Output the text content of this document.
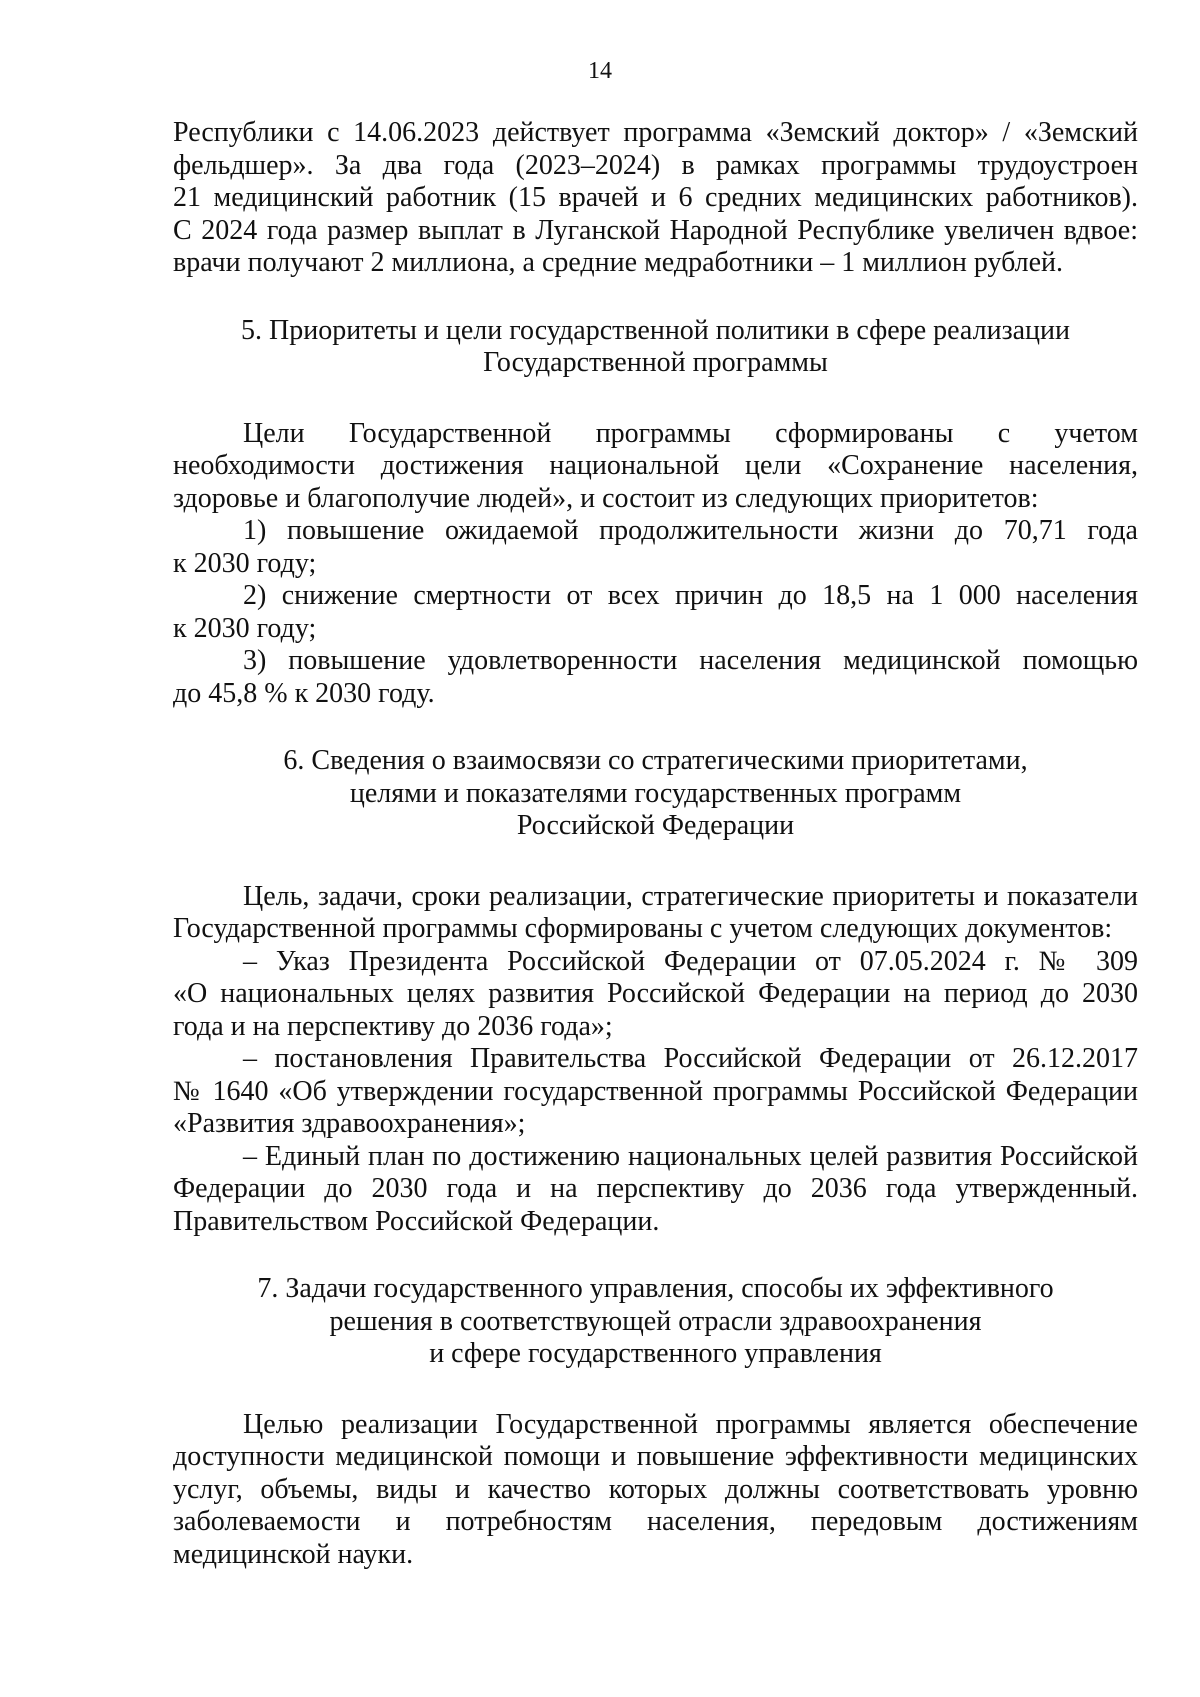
14

Республики с 14.06.2023 действует программа «Земский доктор» / «Земский
фельдшер». За два года (2023–2024) в рамках программы трудоустроен
21 медицинский работник (15 врачей и 6 средних медицинских работников).
С 2024 года размер выплат в Луганской Народной Республике увеличен вдвое:
врачи получают 2 миллиона, а средние медработники – 1 миллион рублей.

5. Приоритеты и цели государственной политики в сфере реализации
Государственной программы

Цели Государственной программы сформированы с учетом
необходимости достижения национальной цели «Сохранение населения,
здоровье и благополучие людей», и состоит из следующих приоритетов:

1) повышение ожидаемой продолжительности жизни до 70,71 года
к 2030 году;

2) снижение смертности от всех причин до 18,5 на 1 000 населения
к 2030 году;

3) повышение удовлетворенности населения медицинской помощью
до 45,8 % к 2030 году.

6. Сведения о взаимосвязи со стратегическими приоритетами,
целями и показателями государственных программ
Российской Федерации

Цель, задачи, сроки реализации, стратегические приоритеты и показатели
Государственной программы сформированы с учетом следующих документов:

– Указ Президента Российской Федерации от 07.05.2024 г. № 309
«О национальных целях развития Российской Федерации на период до 2030
года и на перспективу до 2036 года»;

– постановления Правительства Российской Федерации от 26.12.2017
№ 1640 «Об утверждении государственной программы Российской Федерации
«Развития здравоохранения»;

– Единый план по достижению национальных целей развития Российской
Федерации до 2030 года и на перспективу до 2036 года утвержденный.
Правительством Российской Федерации.

7. Задачи государственного управления, способы их эффективного
решения в соответствующей отрасли здравоохранения
и сфере государственного управления

Целью реализации Государственной программы является обеспечение
доступности медицинской помощи и повышение эффективности медицинских
услуг, объемы, виды и качество которых должны соответствовать уровню
заболеваемости и потребностям населения, передовым достижениям
медицинской науки.
